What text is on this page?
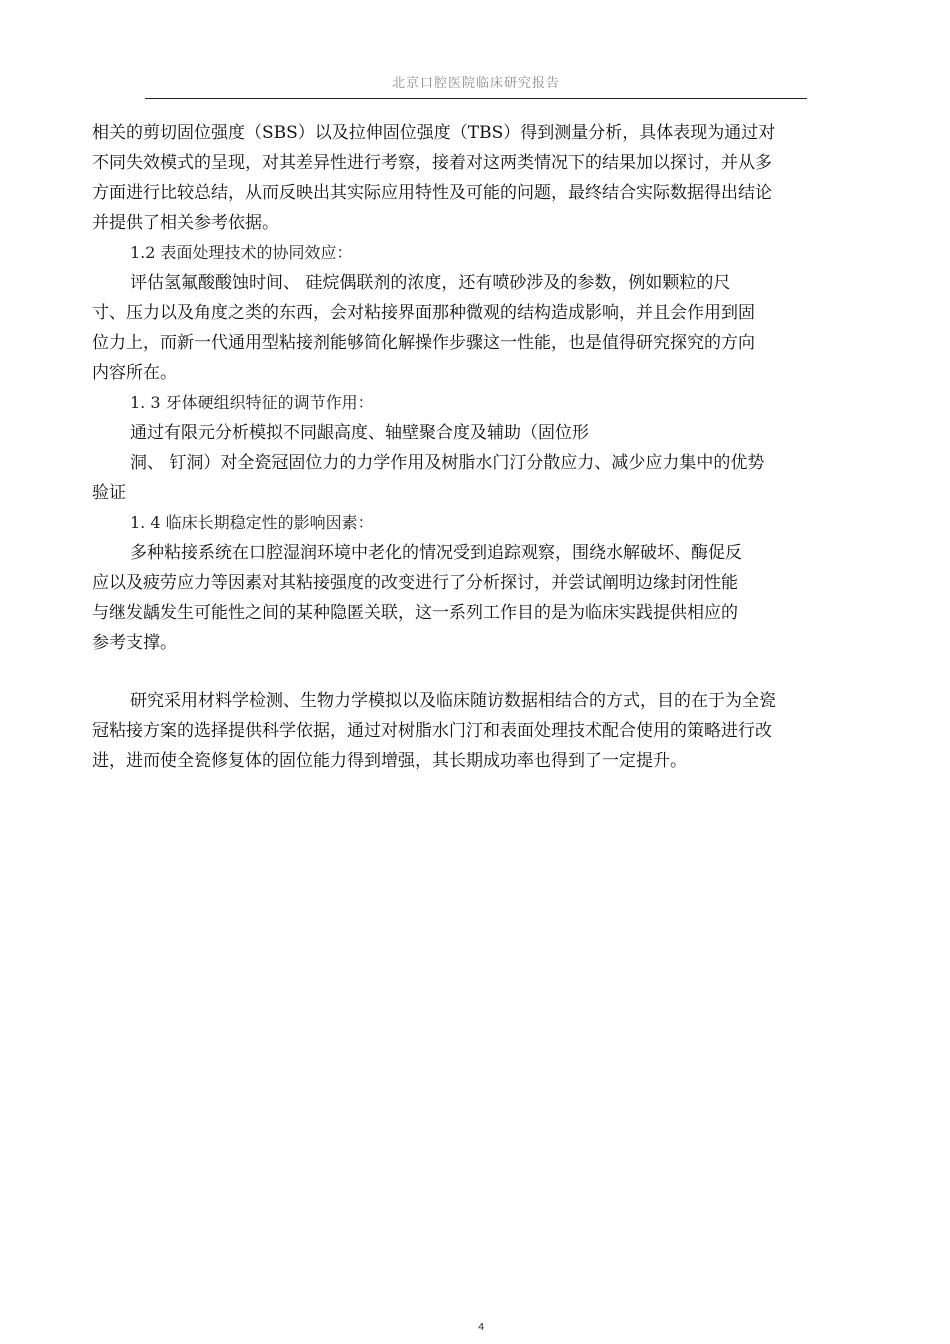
北京口腔医院临床研究报告

相关的剪切固位强度（SBS）以及拉伸固位强度（TBS）得到测量分析，具体表现为通过对
不同失效模式的呈现，对其差异性进行考察，接着对这两类情况下的结果加以探讨，并从多
方面进行比较总结，从而反映出其实际应用特性及可能的问题，最终结合实际数据得出结论
并提供了相关参考依据。

1.2 表面处理技术的协同效应：

评估氢氟酸酸蚀时间、 硅烷偶联剂的浓度，还有喷砂涉及的参数，例如颗粒的尺
寸、压力以及角度之类的东西，会对粘接界面那种微观的结构造成影响，并且会作用到固
位力上，而新一代通用型粘接剂能够简化解操作步骤这一性能，也是值得研究探究的方向
内容所在。

1. 3 牙体硬组织特征的调节作用：

通过有限元分析模拟不同龈高度、轴壁聚合度及辅助（固位形
洞、 钉洞）对全瓷冠固位力的力学作用及树脂水门汀分散应力、减少应力集中的优势
验证

1. 4 临床长期稳定性的影响因素：

多种粘接系统在口腔湿润环境中老化的情况受到追踪观察，围绕水解破坏、酶促反
应以及疲劳应力等因素对其粘接强度的改变进行了分析探讨，并尝试阐明边缘封闭性能
与继发龋发生可能性之间的某种隐匿关联，这一系列工作目的是为临床实践提供相应的
参考支撑。

研究采用材料学检测、生物力学模拟以及临床随访数据相结合的方式，目的在于为全瓷
冠粘接方案的选择提供科学依据，通过对树脂水门汀和表面处理技术配合使用的策略进行改
进，进而使全瓷修复体的固位能力得到增强，其长期成功率也得到了一定提升。

4
